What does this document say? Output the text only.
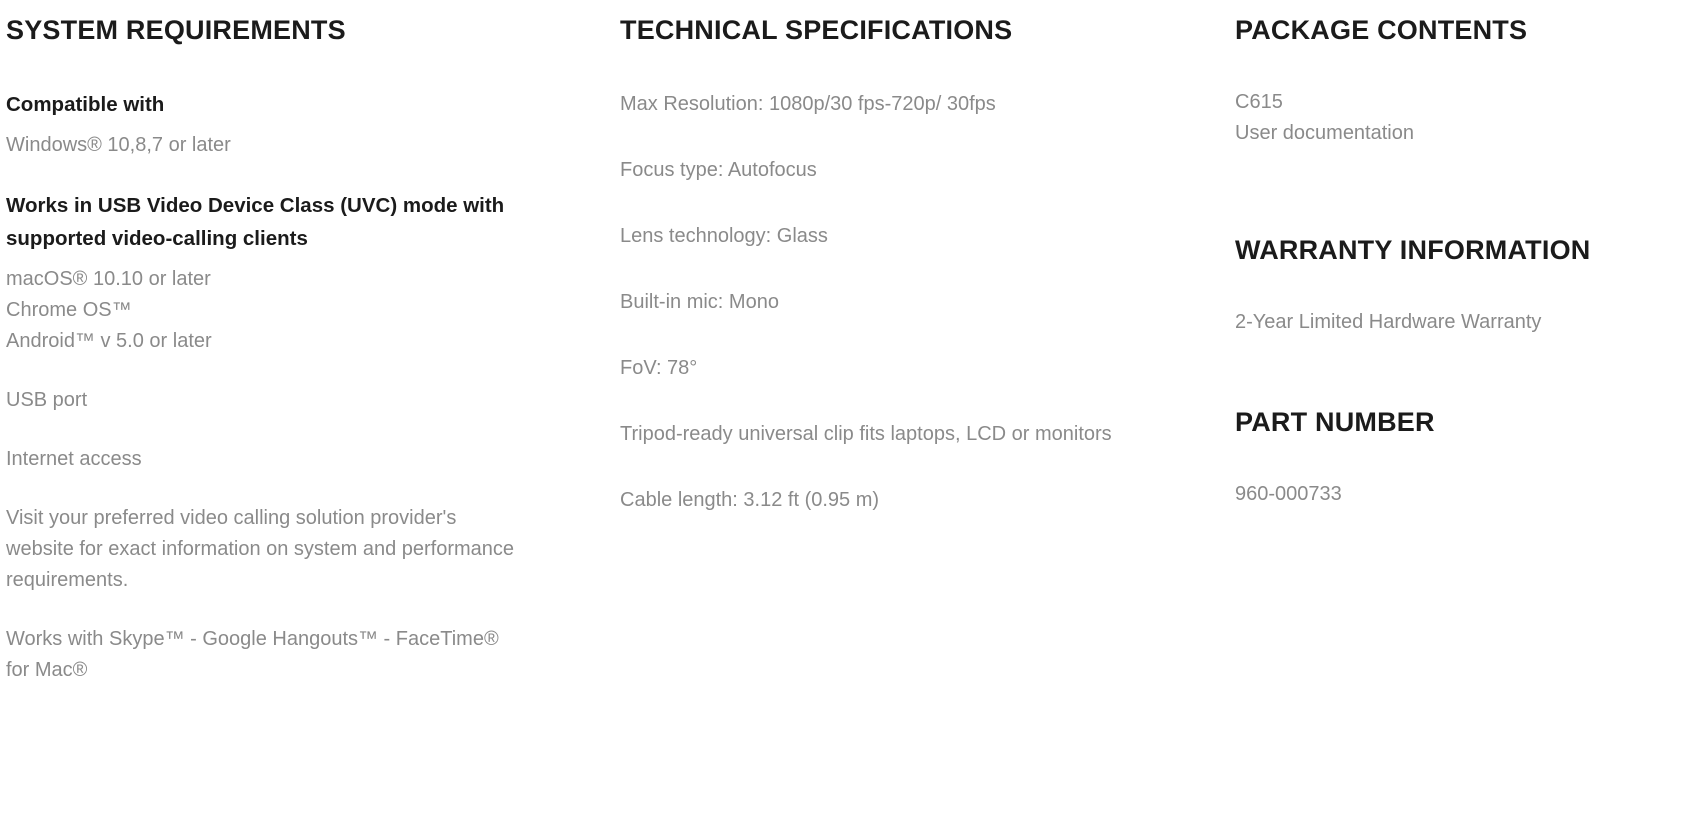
SYSTEM REQUIREMENTS
Compatible with

Windows® 10,8,7 or later

Works in USB Video Device Class (UVC) mode with supported video-calling clients

macOS® 10.10 or later

Chrome OS™

Android™ v 5.0 or later

USB port

Internet access

Visit your preferred video calling solution provider's website for exact information on system and performance requirements.

Works with Skype™ - Google Hangouts™ - FaceTime® for Mac®

TECHNICAL SPECIFICATIONS

Max Resolution: 1080p/30 fps-720p/ 30fps

Focus type: Autofocus

Lens technology: Glass

Built-in mic: Mono

FoV: 78°

Tripod-ready universal clip fits laptops, LCD or monitors

Cable length: 3.12 ft (0.95 m)

PACKAGE CONTENTS

C615

User documentation

WARRANTY INFORMATION

2-Year Limited Hardware Warranty

PART NUMBER

960-000733
